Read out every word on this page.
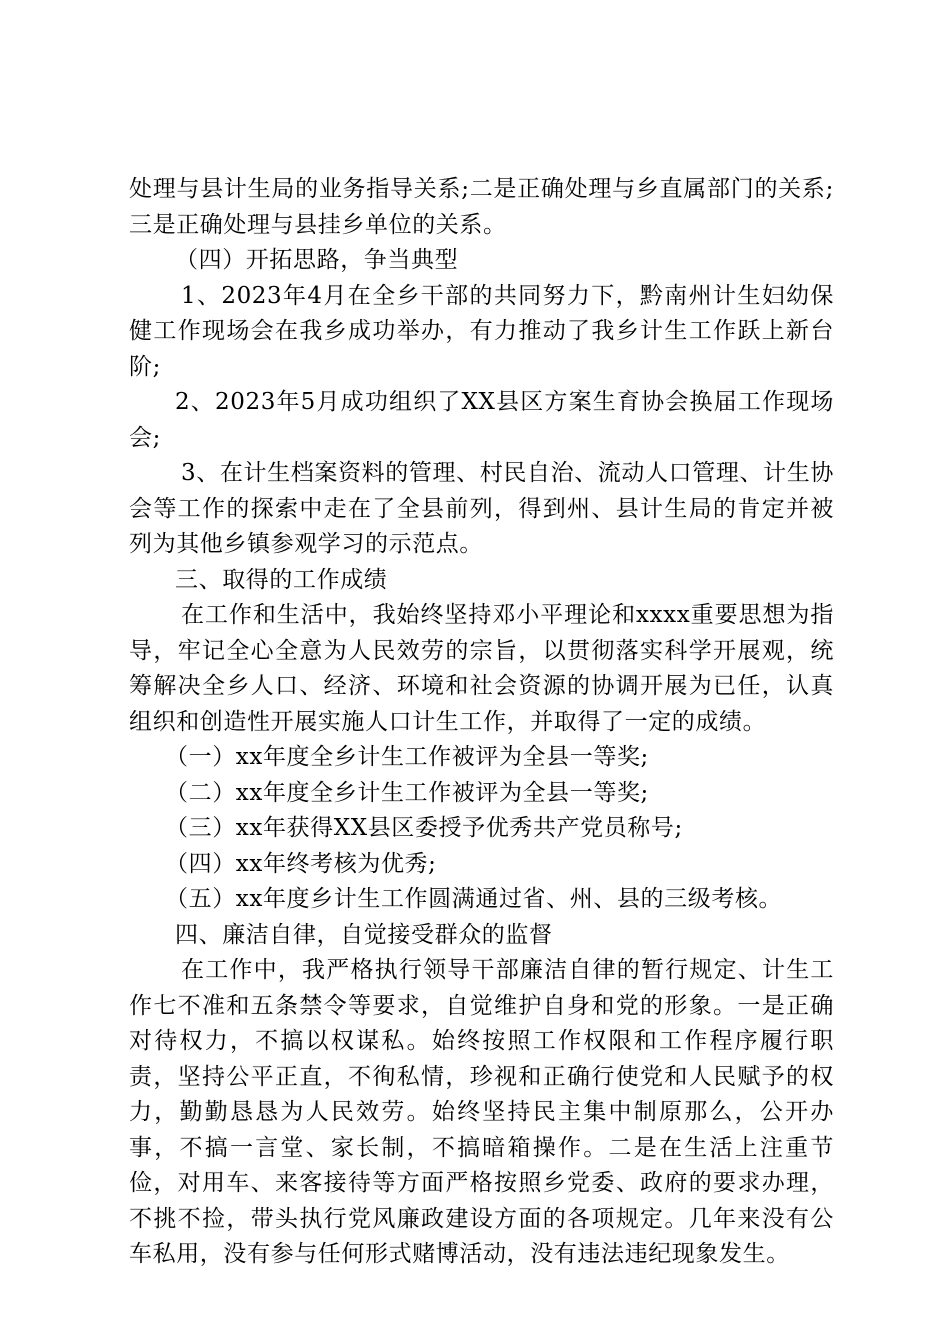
处理与县计生局的业务指导关系;二是正确处理与乡直属部门的关系;三是正确处理与县挂乡单位的关系。

（四）开拓思路，争当典型

1、2023年4月在全乡干部的共同努力下，黔南州计生妇幼保健工作现场会在我乡成功举办，有力推动了我乡计生工作跃上新台阶;

2、2023年5月成功组织了XX县区方案生育协会换届工作现场会;

3、在计生档案资料的管理、村民自治、流动人口管理、计生协会等工作的探索中走在了全县前列，得到州、县计生局的肯定并被列为其他乡镇参观学习的示范点。

三、取得的工作成绩

在工作和生活中，我始终坚持邓小平理论和xxxx重要思想为指导，牢记全心全意为人民效劳的宗旨，以贯彻落实科学开展观，统筹解决全乡人口、经济、环境和社会资源的协调开展为已任，认真组织和创造性开展实施人口计生工作，并取得了一定的成绩。

（一）xx年度全乡计生工作被评为全县一等奖;

（二）xx年度全乡计生工作被评为全县一等奖;

（三）xx年获得XX县区委授予优秀共产党员称号;

（四）xx年终考核为优秀;

（五）xx年度乡计生工作圆满通过省、州、县的三级考核。

四、廉洁自律，自觉接受群众的监督

在工作中，我严格执行领导干部廉洁自律的暂行规定、计生工作七不准和五条禁令等要求，自觉维护自身和党的形象。一是正确对待权力，不搞以权谋私。始终按照工作权限和工作程序履行职责，坚持公平正直，不徇私情，珍视和正确行使党和人民赋予的权力，勤勤恳恳为人民效劳。始终坚持民主集中制原那么，公开办事，不搞一言堂、家长制，不搞暗箱操作。二是在生活上注重节俭，对用车、来客接待等方面严格按照乡党委、政府的要求办理，不挑不捡，带头执行党风廉政建设方面的各项规定。几年来没有公车私用，没有参与任何形式赌博活动，没有违法违纪现象发生。
